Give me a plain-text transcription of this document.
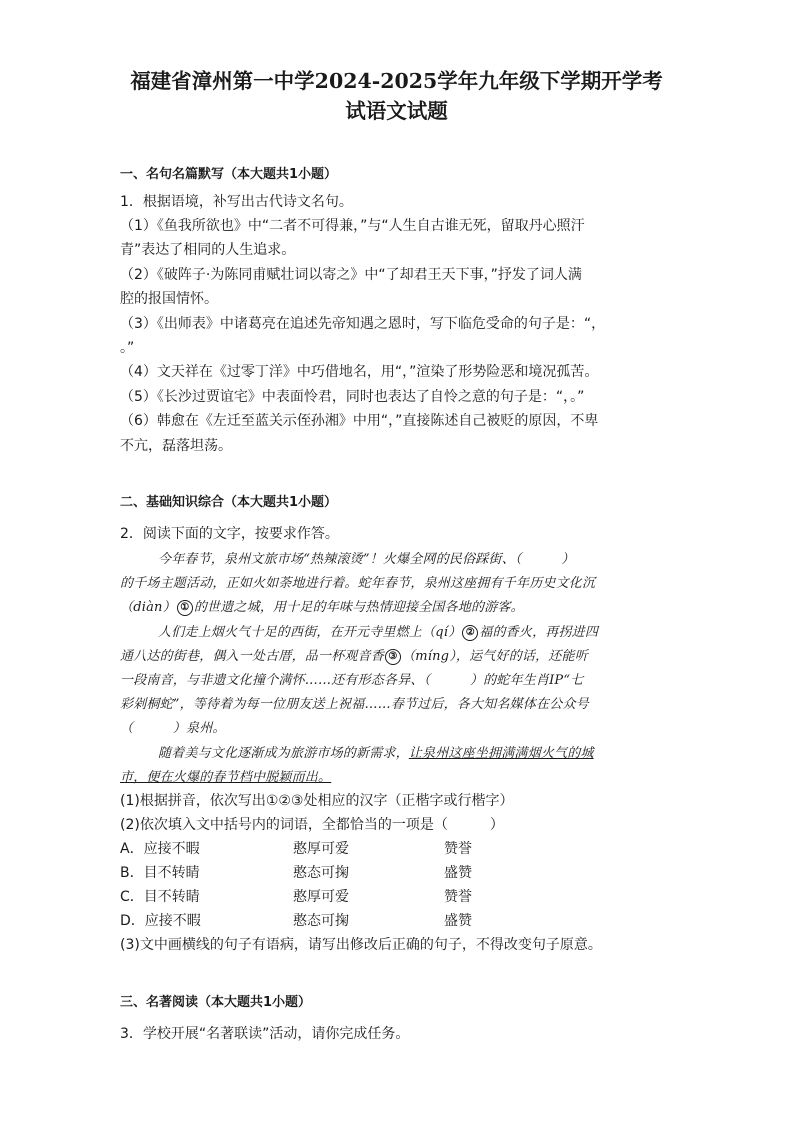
福建省漳州第一中学2024-2025学年九年级下学期开学考
试语文试题
一、名句名篇默写（本大题共1小题）
1．根据语境，补写出古代诗文名句。
（1）《鱼我所欲也》中“二者不可得兼，”与“人生自古谁无死，留取丹心照汗
青”表达了相同的人生追求。
（2）《破阵子·为陈同甫赋壮词以寄之》中“了却君王天下事，”抒发了词人满
腔的报国情怀。
（3）《出师表》中诸葛亮在追述先帝知遇之恩时，写下临危受命的句子是：“，
。”
（4）文天祥在《过零丁洋》中巧借地名，用“，”渲染了形势险恶和境况孤苦。
（5）《长沙过贾谊宅》中表面怜君，同时也表达了自怜之意的句子是：“，。”
（6）韩愈在《左迁至蓝关示侄孙湘》中用“，”直接陈述自己被贬的原因，不卑
不亢，磊落坦荡。
二、基础知识综合（本大题共1小题）
2．阅读下面的文字，按要求作答。
今年春节，泉州文旅市场“热辣滚烫”！火爆全网的民俗踩街、（　　　）
的千场主题活动，正如火如荼地进行着。蛇年春节，泉州这座拥有千年历史文化沉
（diàn） ① 的世遗之城，用十足的年味与热情迎接全国各地的游客。
人们走上烟火气十足的西街，在开元寺里燃上（qí） ② 福的香火，再拐进四
通八达的街巷，偶入一处古厝，品一杯观音香 ③ （míng），运气好的话，还能听
一段南音，与非遗文化撞个满怀……还有形态各异、（　　　）的蛇年生肖IP“七
彩剁桐蛇”，等待着为每一位朋友送上祝福……春节过后，各大知名媒体在公众号
（　　　）泉州。
随着美与文化逐渐成为旅游市场的新需求，让泉州这座坐拥满满烟火气的城
市，便在火爆的春节档中脱颖而出。
(1)根据拼音，依次写出①②③处相应的汉字（正楷字或行楷字）
(2)依次填入文中括号内的词语，全都恰当的一项是（　　　）
A．应接不暇	憨厚可爱	赞誉
B．目不转睛	憨态可掬	盛赞
C．目不转睛	憨厚可爱	赞誉
D．应接不暇	憨态可掬	盛赞
(3)文中画横线的句子有语病，请写出修改后正确的句子，不得改变句子原意。
三、名著阅读（本大题共1小题）
3．学校开展“名著联读”活动，请你完成任务。
